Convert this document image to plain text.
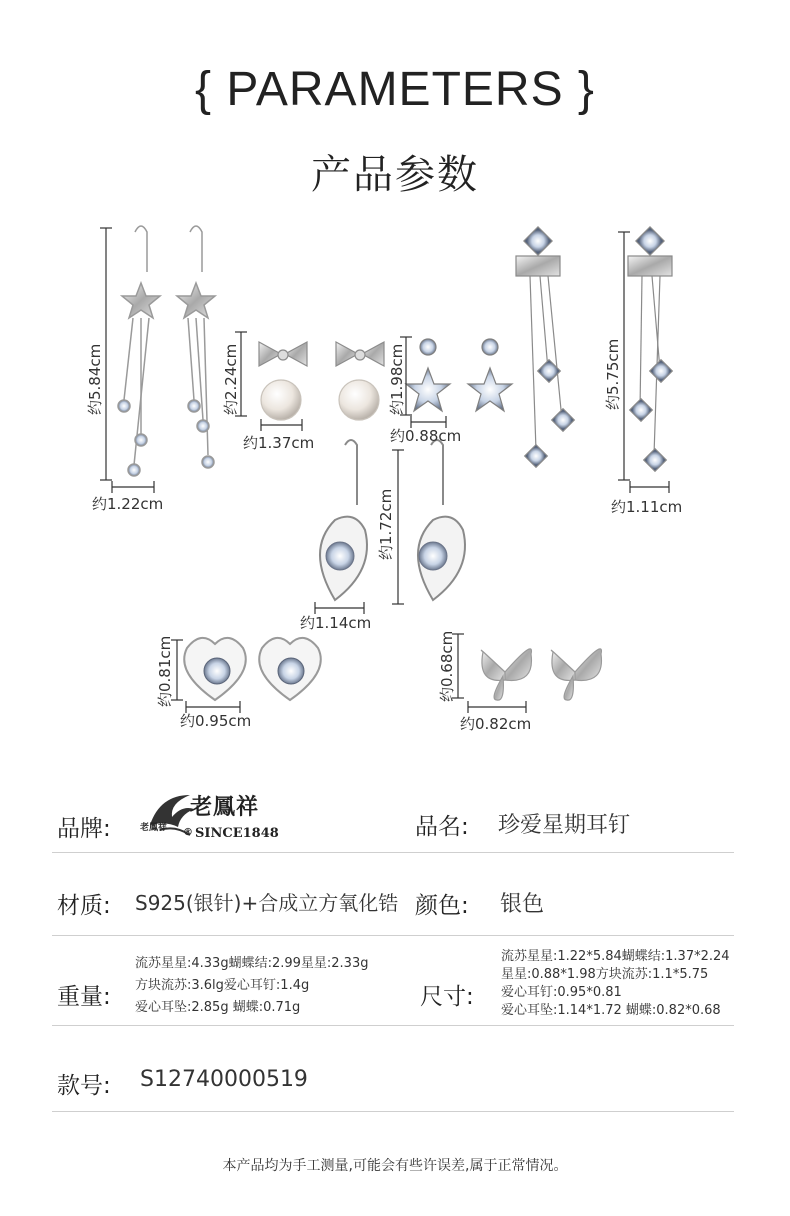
{ PARAMETERS }
产品参数
约5.84cm
约1.22cm
约2.24cm
约1.37cm
约1.98cm
约0.88cm
约5.75cm
约1.11cm
约1.72cm
约1.14cm
约0.81cm
约0.95cm
约0.68cm
约0.82cm
品牌:
老鳳祥
老鳳祥 SINCE1848
®	品名: 珍爱星期耳钉
材质: S925(银针)+合成立方氧化锆 颜色: 银色
重量:
流苏星星:4.33g蝴蝶结:2.99星星:2.33g
方块流苏:3.6lg爱心耳钉:1.4g
爱心耳坠:2.85g 蝴蝶:0.71g	尺寸:
流苏星星:1.22*5.84蝴蝶结:1.37*2.24
星星:0.88*1.98方块流苏:1.1*5.75
爱心耳钉:0.95*0.81
爱心耳坠:1.14*1.72 蝴蝶:0.82*0.68
款号: S12740000519
本产品均为手工测量,可能会有些许误差,属于正常情况。
